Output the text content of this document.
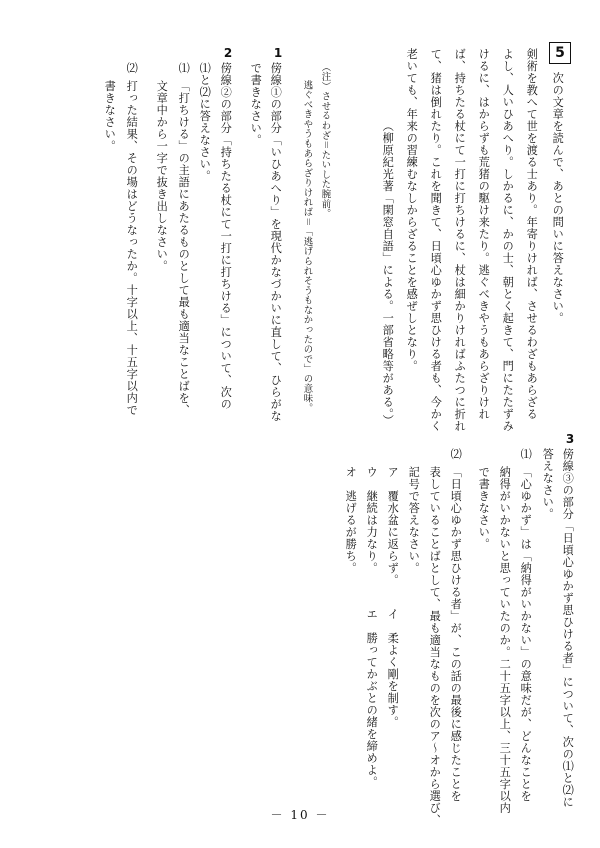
5
次の文章を読んで、あとの問いに答えなさい。
剣術を教へて世を渡る士あり。年寄りければ、させるわざもあらざる
よし、人いひあへり。しかるに、かの士、朝とく起きて、門にたたずみ
けるに、はからずも荒猪の駆け来たり。逃ぐべきやうもあらざりけれ
ば、持ちたる杖にて一打に打ちけるに、杖は細かりければふたつに折れ
て、猪は倒れたり。これを聞きて、日頃心ゆかず思ひける者も、今かく
老いても、年来の習練むなしからざることを感ぜしとなり。
（柳原紀光著「閑窓自語」による。一部省略等がある。）
（注）させるわざ＝たいした腕前。
逃ぐべきやうもあらざりければ＝「逃げられそうもなかったので」の意味。
1
傍線①の部分「いひあへり」を現代かなづかいに直して、ひらがな
で書きなさい。
2
傍線②の部分「持ちたる杖にて一打に打ちける」について、次の
⑴と⑵に答えなさい。
⑴
「打ちける」の主語にあたるものとして最も適当なことばを、
文章中から一字で抜き出しなさい。
⑵
打った結果、その場はどうなったか。十字以上、十五字以内で
書きなさい。
3
傍線③の部分「日頃心ゆかず思ひける者」について、次の⑴と⑵に
答えなさい。
⑴
「心ゆかず」は「納得がいかない」の意味だが、どんなことを
納得がいかないと思っていたのか。二十五字以上、三十五字以内
で書きなさい。
⑵
「日頃心ゆかず思ひける者」が、この話の最後に感じたことを
表していることばとして、最も適当なものを次のア〜オから選び、
記号で答えなさい。
ア　覆水盆に返らず。
イ　柔よく剛を制す。
ウ　継続は力なり。
エ　勝ってかぶとの緒を締めよ。
オ　逃げるが勝ち。
－ 10 －
